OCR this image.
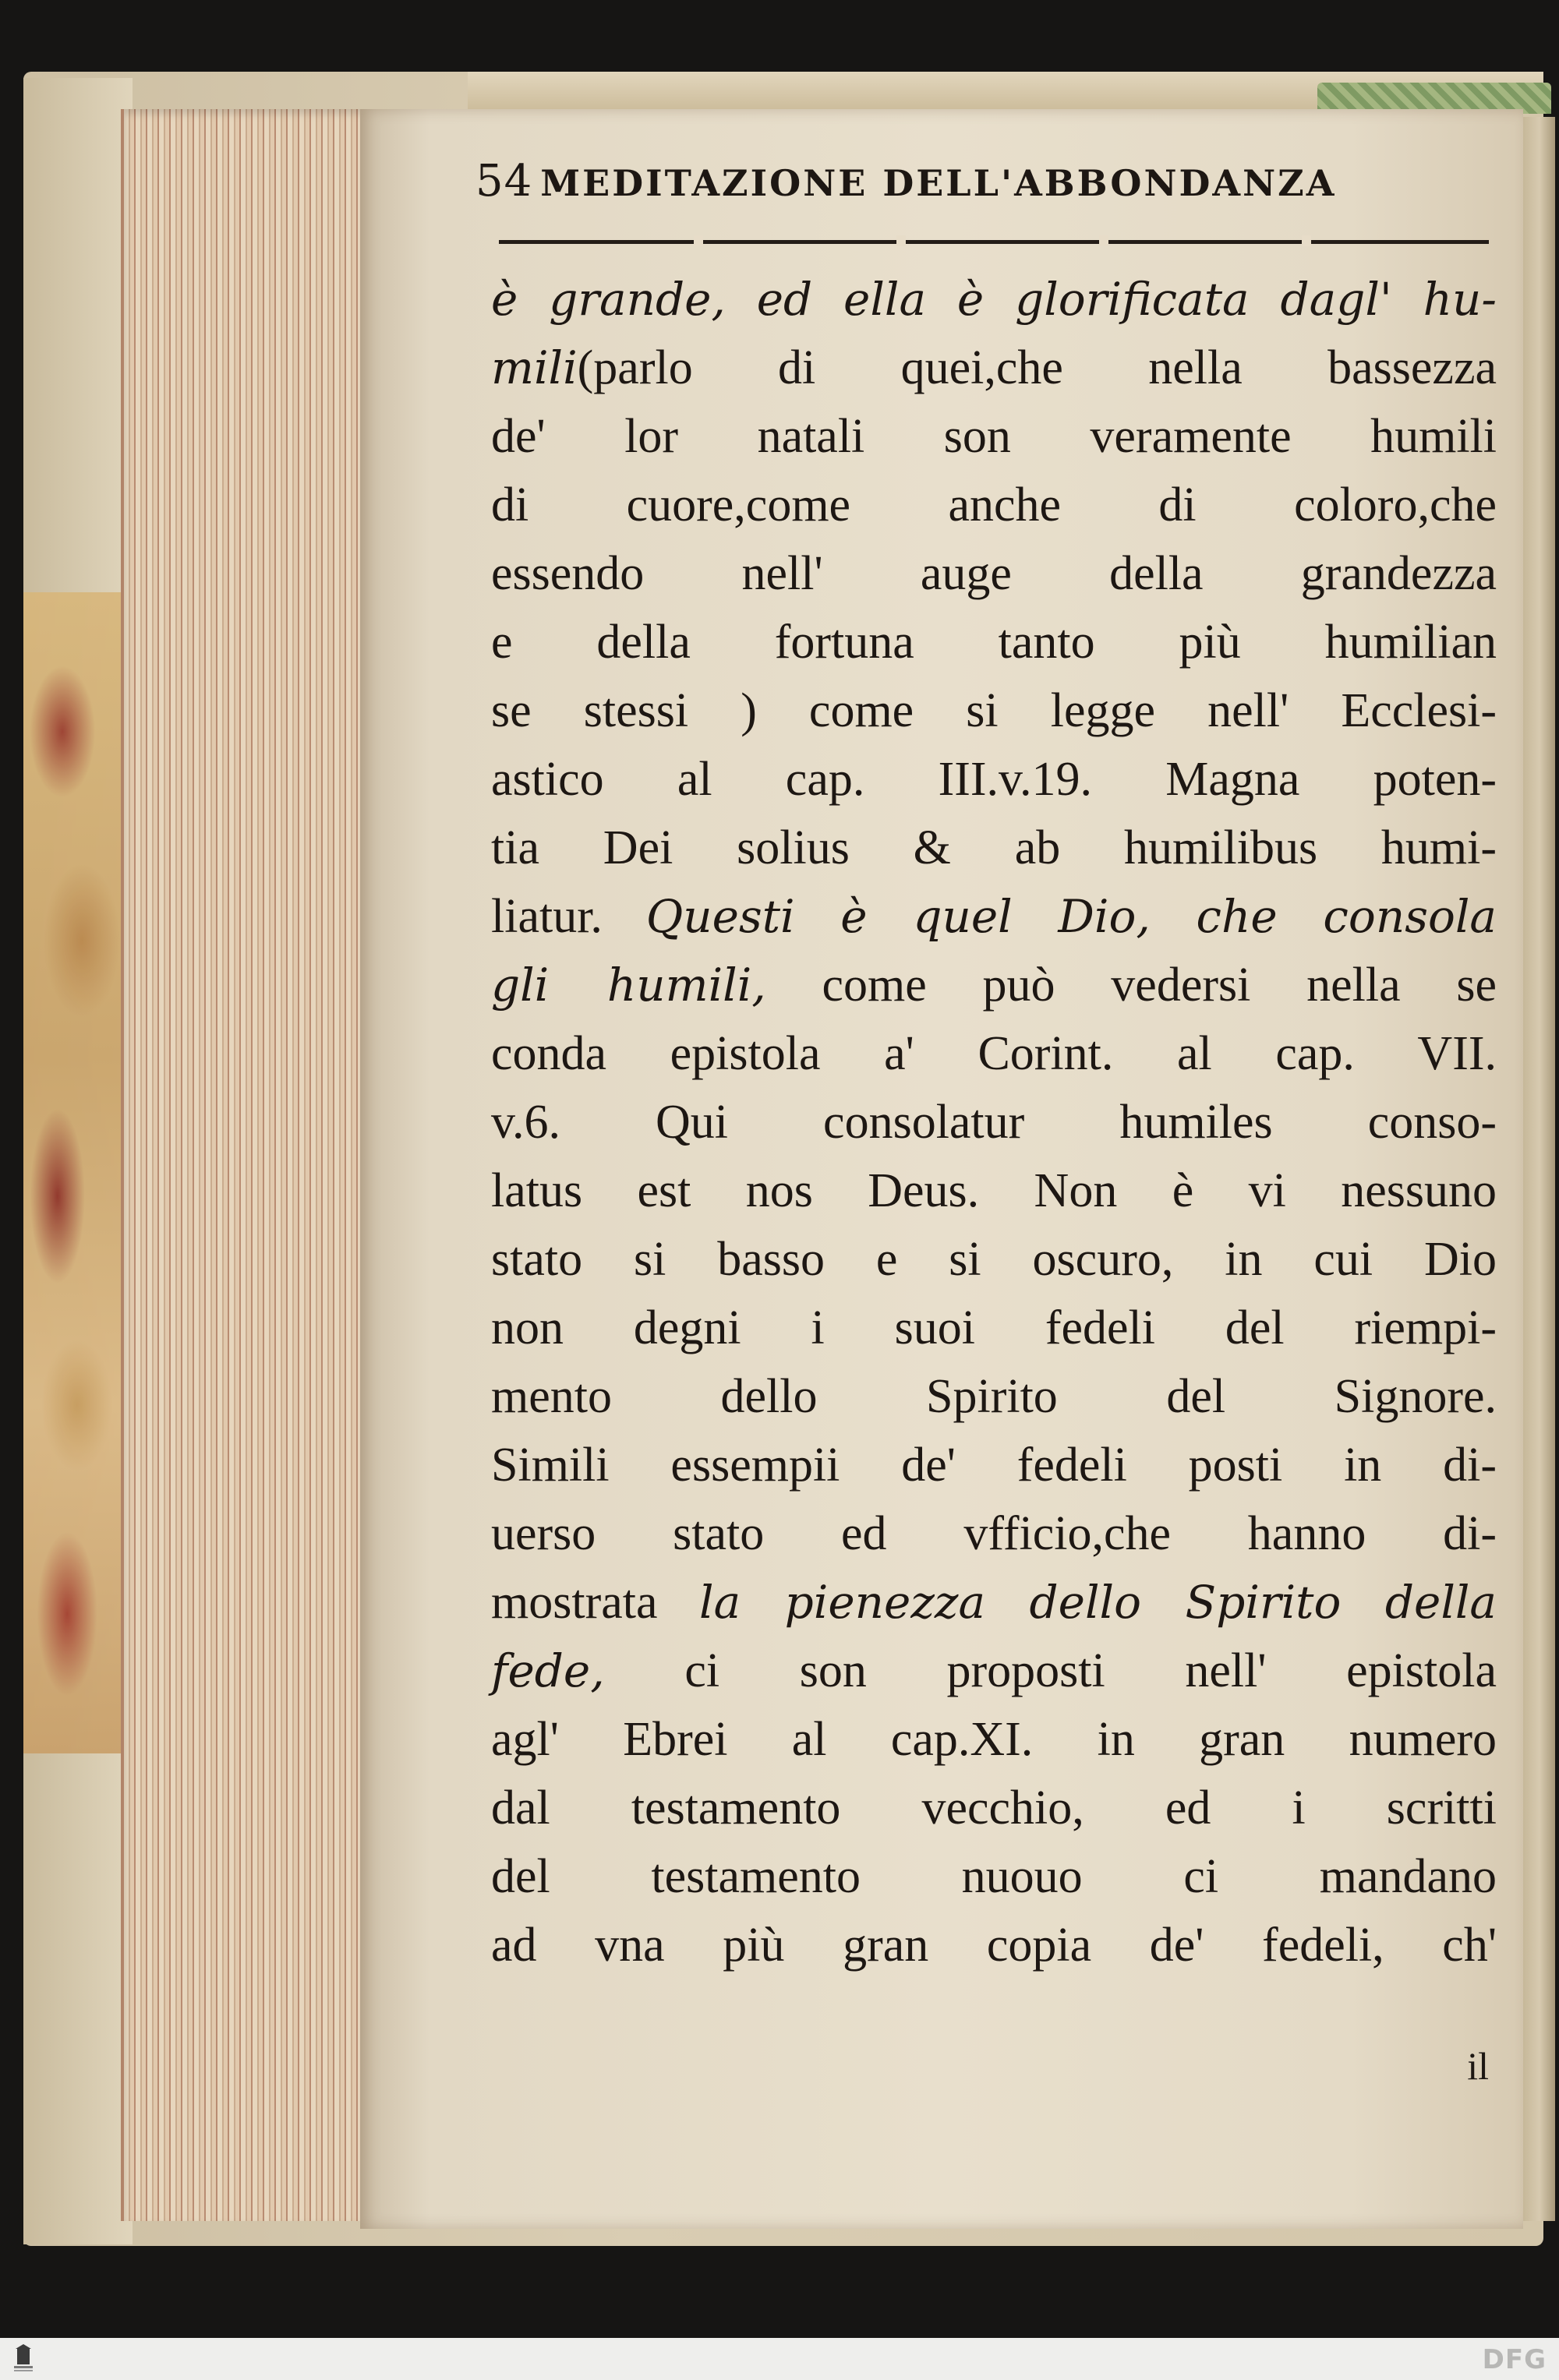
54 MEDITAZIONE DELL'ABBONDANZA
è grande, ed ella è glorificata dagl' hu-
mili(parlo di quei,che nella bassezza
de' lor natali son veramente humili
di cuore,come anche di coloro,che
essendo nell' auge della grandezza
e della fortuna tanto più humilian
se stessi ) come si legge nell' Ecclesi-
astico al cap. III.v.19. Magna poten-
tia Dei solius & ab humilibus humi-
liatur. Questi è quel Dio, che consola
gli humili, come può vedersi nella se
conda epistola a' Corint. al cap. VII.
v.6. Qui consolatur humiles conso-
latus est nos Deus. Non è vi nessuno
stato si basso e si oscuro, in cui Dio
non degni i suoi fedeli del riempi-
mento dello Spirito del Signore.
Simili essempii de' fedeli posti in di-
uerso stato ed vfficio,che hanno di-
mostrata la pienezza dello Spirito della
fede, ci son proposti nell' epistola
agl' Ebrei al cap.XI. in gran numero
dal testamento vecchio, ed i scritti
del testamento nuouo ci mandano
ad vna più gran copia de' fedeli, ch'
il
DFG
